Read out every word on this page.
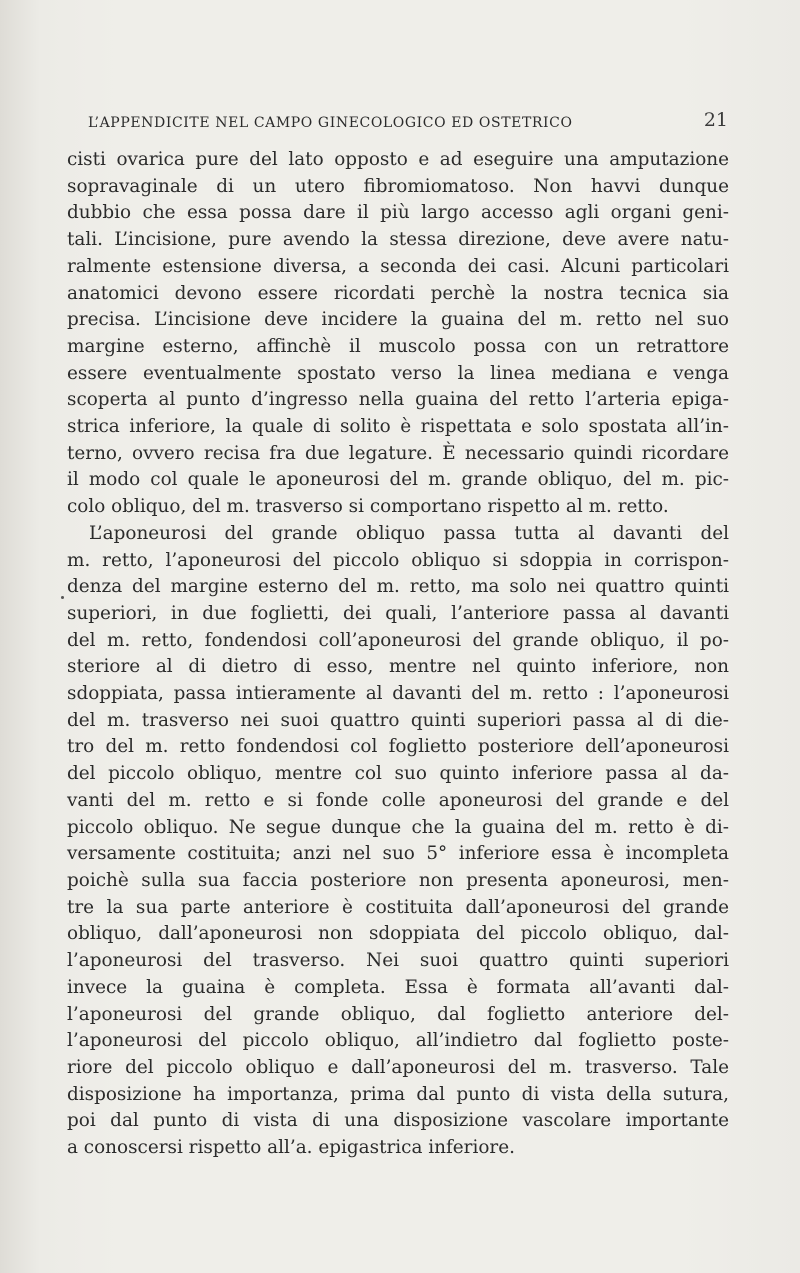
L’APPENDICITE NEL CAMPO GINECOLOGICO ED OSTETRICO	21
cisti ovarica pure del lato opposto e ad eseguire una amputazione
sopravaginale di un utero fibromiomatoso. Non havvi dunque
dubbio che essa possa dare il più largo accesso agli organi geni-
tali. L’incisione, pure avendo la stessa direzione, deve avere natu-
ralmente estensione diversa, a seconda dei casi. Alcuni particolari
anatomici devono essere ricordati perchè la nostra tecnica sia
precisa. L’incisione deve incidere la guaina del m. retto nel suo
margine esterno, affinchè il muscolo possa con un retrattore
essere eventualmente spostato verso la linea mediana e venga
scoperta al punto d’ingresso nella guaina del retto l’arteria epiga-
strica inferiore, la quale di solito è rispettata e solo spostata all’in-
terno, ovvero recisa fra due legature. È necessario quindi ricordare
il modo col quale le aponeurosi del m. grande obliquo, del m. pic-
colo obliquo, del m. trasverso si comportano rispetto al m. retto.
L’aponeurosi del grande obliquo passa tutta al davanti del
m. retto, l’aponeurosi del piccolo obliquo si sdoppia in corrispon-
denza del margine esterno del m. retto, ma solo nei quattro quinti
superiori, in due foglietti, dei quali, l’anteriore passa al davanti
del m. retto, fondendosi coll’aponeurosi del grande obliquo, il po-
steriore al di dietro di esso, mentre nel quinto inferiore, non
sdoppiata, passa intieramente al davanti del m. retto : l’aponeurosi
del m. trasverso nei suoi quattro quinti superiori passa al di die-
tro del m. retto fondendosi col foglietto posteriore dell’aponeurosi
del piccolo obliquo, mentre col suo quinto inferiore passa al da-
vanti del m. retto e si fonde colle aponeurosi del grande e del
piccolo obliquo. Ne segue dunque che la guaina del m. retto è di-
versamente costituita; anzi nel suo 5° inferiore essa è incompleta
poichè sulla sua faccia posteriore non presenta aponeurosi, men-
tre la sua parte anteriore è costituita dall’aponeurosi del grande
obliquo, dall’aponeurosi non sdoppiata del piccolo obliquo, dal-
l’aponeurosi del trasverso. Nei suoi quattro quinti superiori
invece la guaina è completa. Essa è formata all’avanti dal-
l’aponeurosi del grande obliquo, dal foglietto anteriore del-
l’aponeurosi del piccolo obliquo, all’indietro dal foglietto poste-
riore del piccolo obliquo e dall’aponeurosi del m. trasverso. Tale
disposizione ha importanza, prima dal punto di vista della sutura,
poi dal punto di vista di una disposizione vascolare importante
a conoscersi rispetto all’a. epigastrica inferiore.
